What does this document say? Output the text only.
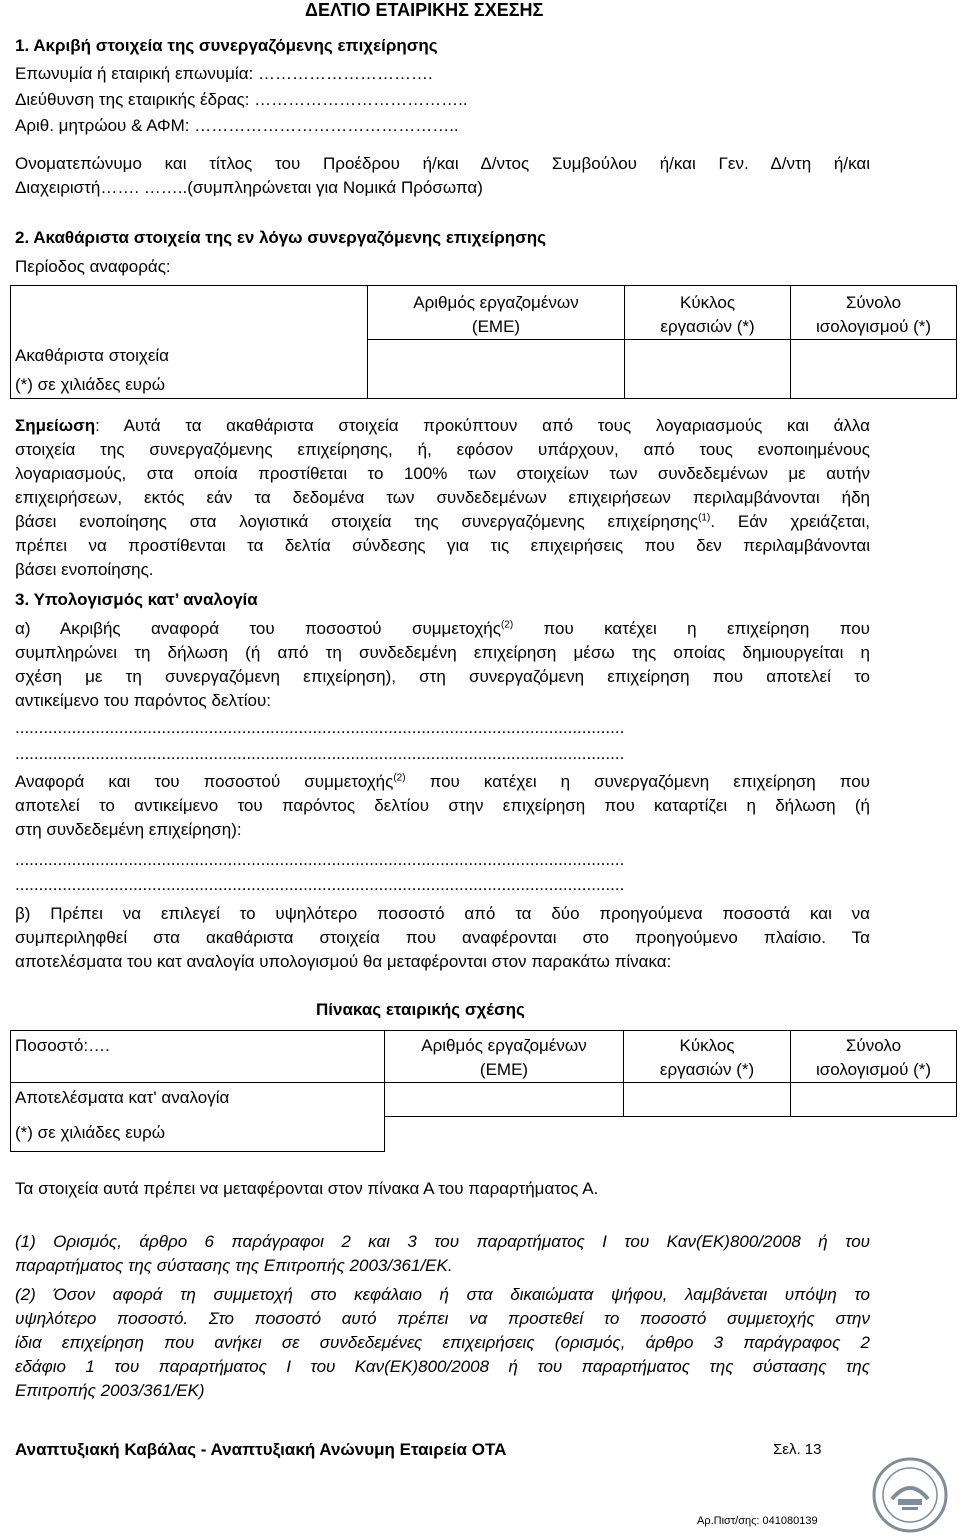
ΔΕΛΤΙΟ ΕΤΑΙΡΙΚΗΣ ΣΧΕΣΗΣ
1. Ακριβή στοιχεία της συνεργαζόμενης επιχείρησης
Επωνυμία ή εταιρική επωνυμία: ………………………….
Διεύθυνση της εταιρικής έδρας: ………………………………..
Αριθ. μητρώου & ΑΦΜ: ………………………………………..
Ονοματεπώνυμο και τίτλος του Προέδρου ή/και Δ/ντος Συμβούλου ή/και Γεν. Δ/ντη ή/και
Διαχειριστή……. ……..(συμπληρώνεται για Νομικά Πρόσωπα)
2. Ακαθάριστα στοιχεία της εν λόγω συνεργαζόμενης επιχείρησης
Περίοδος αναφοράς:
Ακαθάριστα στοιχεία
(*) σε χιλιάδες ευρώ
Αριθμός εργαζομένων
(ΕΜΕ)
Κύκλος
εργασιών (*)
Σύνολο
ισολογισμού (*)
Σημείωση: Αυτά τα ακαθάριστα στοιχεία προκύπτουν από τους λογαριασμούς και άλλα
στοιχεία της συνεργαζόμενης επιχείρησης, ή, εφόσον υπάρχουν, από τους ενοποιημένους
λογαριασμούς, στα οποία προστίθεται το 100% των στοιχείων των συνδεδεμένων με αυτήν
επιχειρήσεων, εκτός εάν τα δεδομένα των συνδεδεμένων επιχειρήσεων περιλαμβάνονται ήδη
βάσει ενοποίησης στα λογιστικά στοιχεία της συνεργαζόμενης επιχείρησης$^{(1)}$. Εάν χρειάζεται,
πρέπει να προστίθενται τα δελτία σύνδεσης για τις επιχειρήσεις που δεν περιλαμβάνονται
βάσει ενοποίησης.
3. Υπολογισμός κατ’ αναλογία
α) Ακριβής αναφορά του ποσοστού συμμετοχής$^{(2)}$ που κατέχει η επιχείρηση που
συμπληρώνει τη δήλωση (ή από τη συνδεδεμένη επιχείρηση μέσω της οποίας δημιουργείται η
σχέση με τη συνεργαζόμενη επιχείρηση), στη συνεργαζόμενη επιχείρηση που αποτελεί το
αντικείμενο του παρόντος δελτίου:
.................................................................................................................................
.................................................................................................................................
Αναφορά και του ποσοστού συμμετοχής$^{(2)}$ που κατέχει η συνεργαζόμενη επιχείρηση που
αποτελεί το αντικείμενο του παρόντος δελτίου στην επιχείρηση που καταρτίζει η δήλωση (ή
στη συνδεδεμένη επιχείρηση):
.................................................................................................................................
.................................................................................................................................
β) Πρέπει να επιλεγεί το υψηλότερο ποσοστό από τα δύο προηγούμενα ποσοστά και να
συμπεριληφθεί στα ακαθάριστα στοιχεία που αναφέρονται στο προηγούμενο πλαίσιο. Τα
αποτελέσματα του κατ αναλογία υπολογισμού θα μεταφέρονται στον παρακάτω πίνακα:
Πίνακας εταιρικής σχέσης
Ποσοστό:….
Αποτελέσματα κατ' αναλογία
(*) σε χιλιάδες ευρώ
Αριθμός εργαζομένων
(ΕΜΕ)
Κύκλος
εργασιών (*)
Σύνολο
ισολογισμού (*)
Τα στοιχεία αυτά πρέπει να μεταφέρονται στον πίνακα Α του παραρτήματος Α.
(1) Ορισμός, άρθρο 6 παράγραφοι 2 και 3 του παραρτήματος Ι του Καν(ΕΚ)800/2008 ή του
παραρτήματος της σύστασης της Επιτροπής 2003/361/ΕΚ.
(2) Όσον αφορά τη συμμετοχή στο κεφάλαιο ή στα δικαιώματα ψήφου, λαμβάνεται υπόψη το
υψηλότερο ποσοστό. Στο ποσοστό αυτό πρέπει να προστεθεί το ποσοστό συμμετοχής στην
ίδια επιχείρηση που ανήκει σε συνδεδεμένες επιχειρήσεις (ορισμός, άρθρο 3 παράγραφος 2
εδάφιο 1 του παραρτήματος Ι του Καν(ΕΚ)800/2008 ή του παραρτήματος της σύστασης της
Επιτροπής 2003/361/ΕΚ)
Αναπτυξιακή Καβάλας - Αναπτυξιακή Ανώνυμη Εταιρεία ΟΤΑ	Σελ. 13
Αρ.Πιστ/σης: 041080139
